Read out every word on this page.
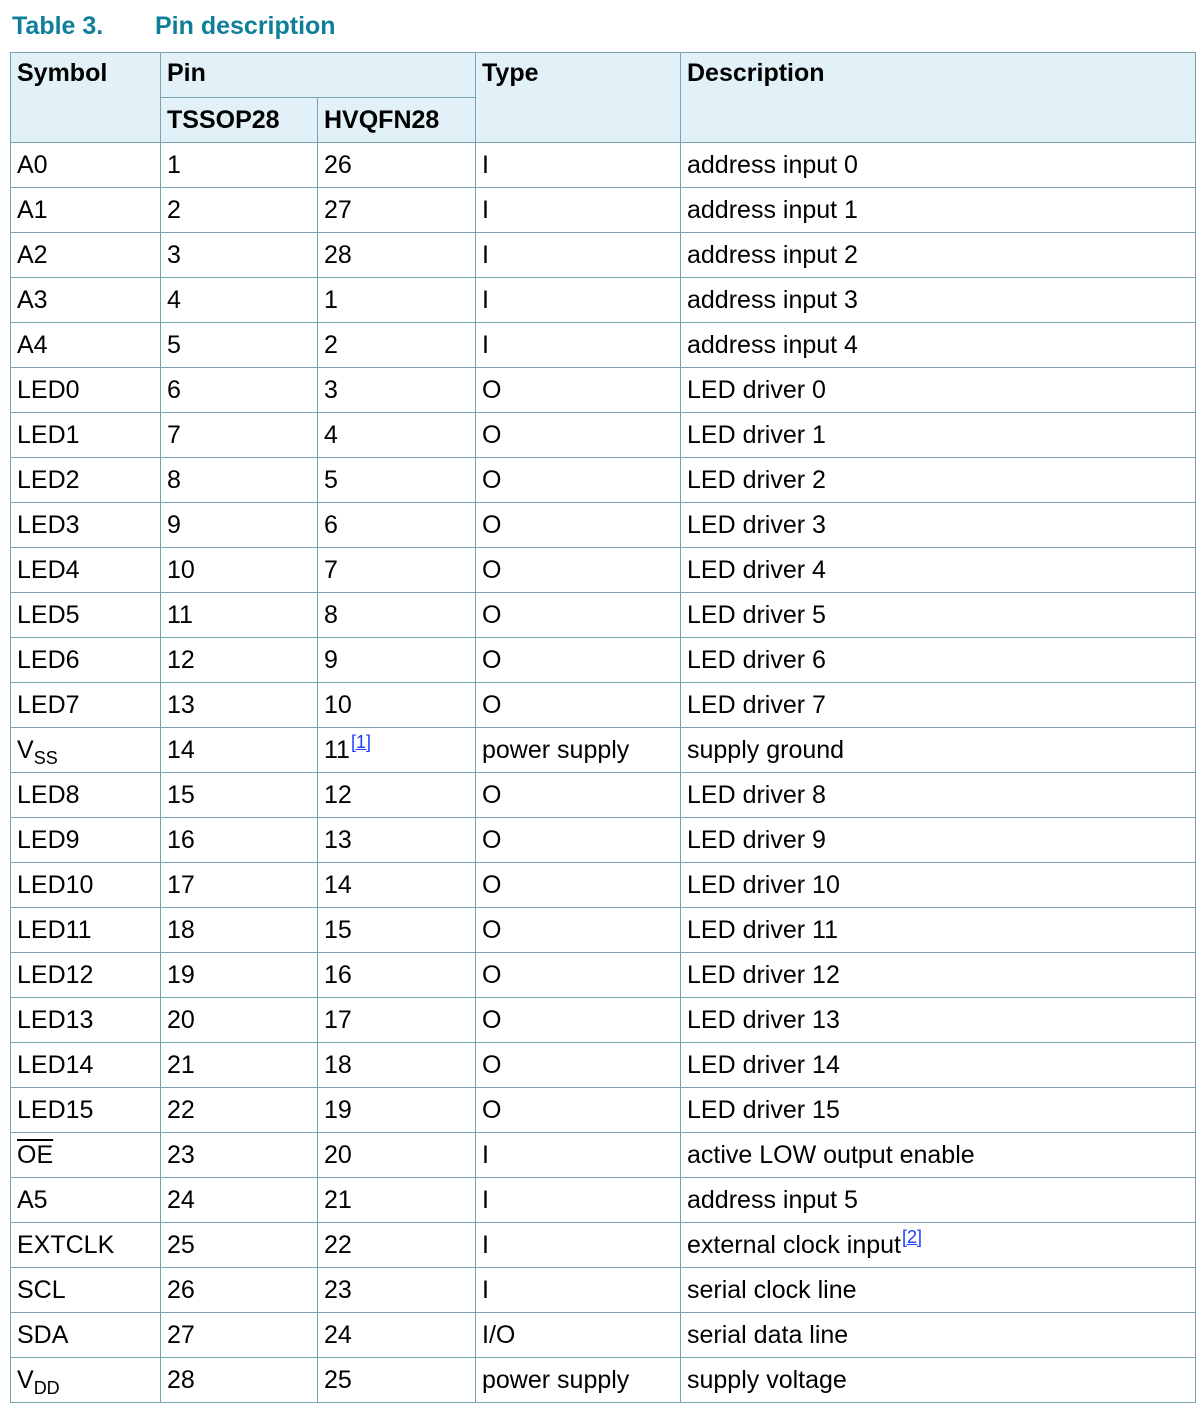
Table 3. Pin description
Symbol	Pin		Type	Description
	TSSOP28	HVQFN28		
A0	1	26	I	address input 0
A1	2	27	I	address input 1
A2	3	28	I	address input 2
A3	4	1	I	address input 3
A4	5	2	I	address input 4
LED0	6	3	O	LED driver 0
LED1	7	4	O	LED driver 1
LED2	8	5	O	LED driver 2
LED3	9	6	O	LED driver 3
LED4	10	7	O	LED driver 4
LED5	11	8	O	LED driver 5
LED6	12	9	O	LED driver 6
LED7	13	10	O	LED driver 7
$V_{SS}$	14	11[1]	power supply	supply ground
LED8	15	12	O	LED driver 8
LED9	16	13	O	LED driver 9
LED10	17	14	O	LED driver 10
LED11	18	15	O	LED driver 11
LED12	19	16	O	LED driver 12
LED13	20	17	O	LED driver 13
LED14	21	18	O	LED driver 14
LED15	22	19	O	LED driver 15
$\overline{OE}$	23	20	I	active LOW output enable
A5	24	21	I	address input 5
EXTCLK	25	22	I	external clock input[2]
SCL	26	23	I	serial clock line
SDA	27	24	I/O	serial data line
$V_{DD}$	28	25	power supply	supply voltage
